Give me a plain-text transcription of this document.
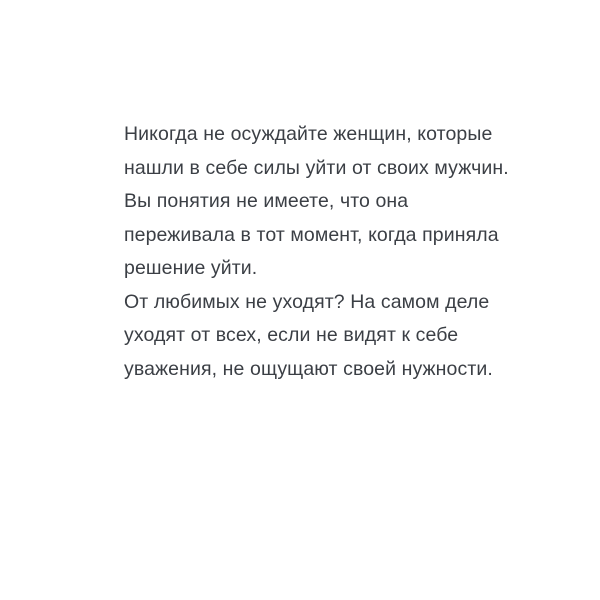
Никогда не осуждайте женщин, которые нашли в себе силы уйти от своих мужчин. Вы понятия не имеете, что она переживала в тот момент, когда приняла решение уйти.

От любимых не уходят? На самом деле уходят от всех, если не видят к себе уважения, не ощущают своей нужности.
